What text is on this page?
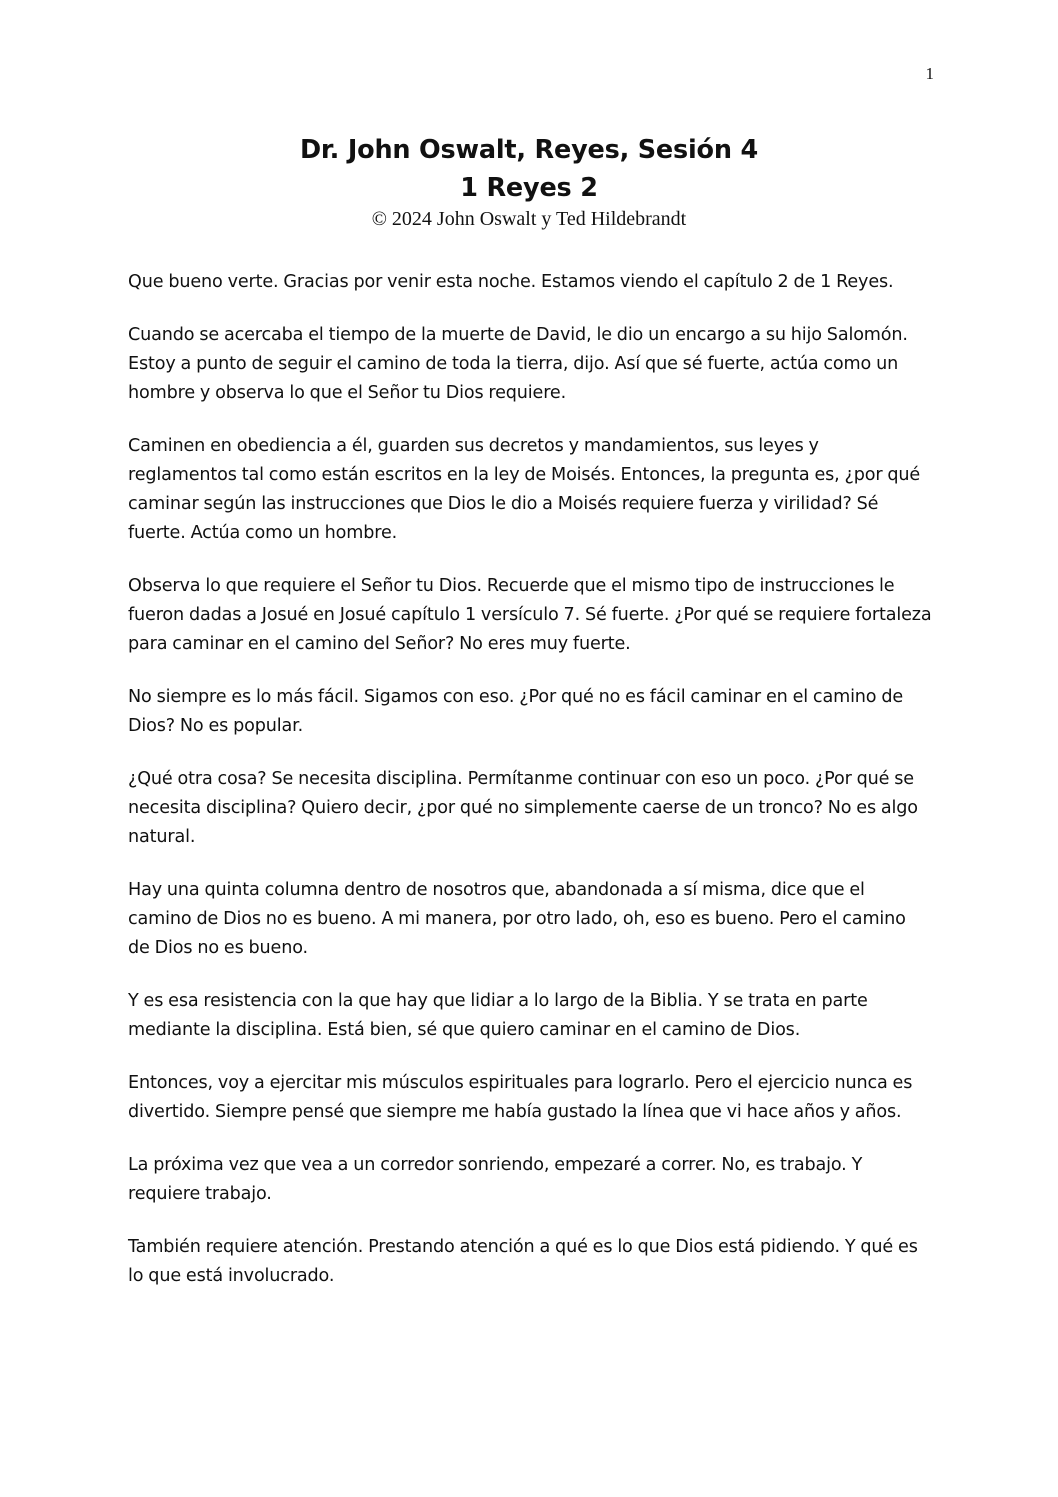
1

Dr. John Oswalt, Reyes, Sesión 4

1 Reyes 2

© 2024 John Oswalt y Ted Hildebrandt

Que bueno verte. Gracias por venir esta noche. Estamos viendo el capítulo 2 de 1 Reyes.

Cuando se acercaba el tiempo de la muerte de David, le dio un encargo a su hijo Salomón. Estoy a punto de seguir el camino de toda la tierra, dijo. Así que sé fuerte, actúa como un hombre y observa lo que el Señor tu Dios requiere.

Caminen en obediencia a él, guarden sus decretos y mandamientos, sus leyes y reglamentos tal como están escritos en la ley de Moisés. Entonces, la pregunta es, ¿por qué caminar según las instrucciones que Dios le dio a Moisés requiere fuerza y virilidad? Sé fuerte. Actúa como un hombre.

Observa lo que requiere el Señor tu Dios. Recuerde que el mismo tipo de instrucciones le fueron dadas a Josué en Josué capítulo 1 versículo 7. Sé fuerte. ¿Por qué se requiere fortaleza para caminar en el camino del Señor? No eres muy fuerte.

No siempre es lo más fácil. Sigamos con eso. ¿Por qué no es fácil caminar en el camino de Dios? No es popular.

¿Qué otra cosa? Se necesita disciplina. Permítanme continuar con eso un poco. ¿Por qué se necesita disciplina? Quiero decir, ¿por qué no simplemente caerse de un tronco? No es algo natural.

Hay una quinta columna dentro de nosotros que, abandonada a sí misma, dice que el camino de Dios no es bueno. A mi manera, por otro lado, oh, eso es bueno. Pero el camino de Dios no es bueno.

Y es esa resistencia con la que hay que lidiar a lo largo de la Biblia. Y se trata en parte mediante la disciplina. Está bien, sé que quiero caminar en el camino de Dios.

Entonces, voy a ejercitar mis músculos espirituales para lograrlo. Pero el ejercicio nunca es divertido. Siempre pensé que siempre me había gustado la línea que vi hace años y años.

La próxima vez que vea a un corredor sonriendo, empezaré a correr. No, es trabajo. Y requiere trabajo.

También requiere atención. Prestando atención a qué es lo que Dios está pidiendo. Y qué es lo que está involucrado.
